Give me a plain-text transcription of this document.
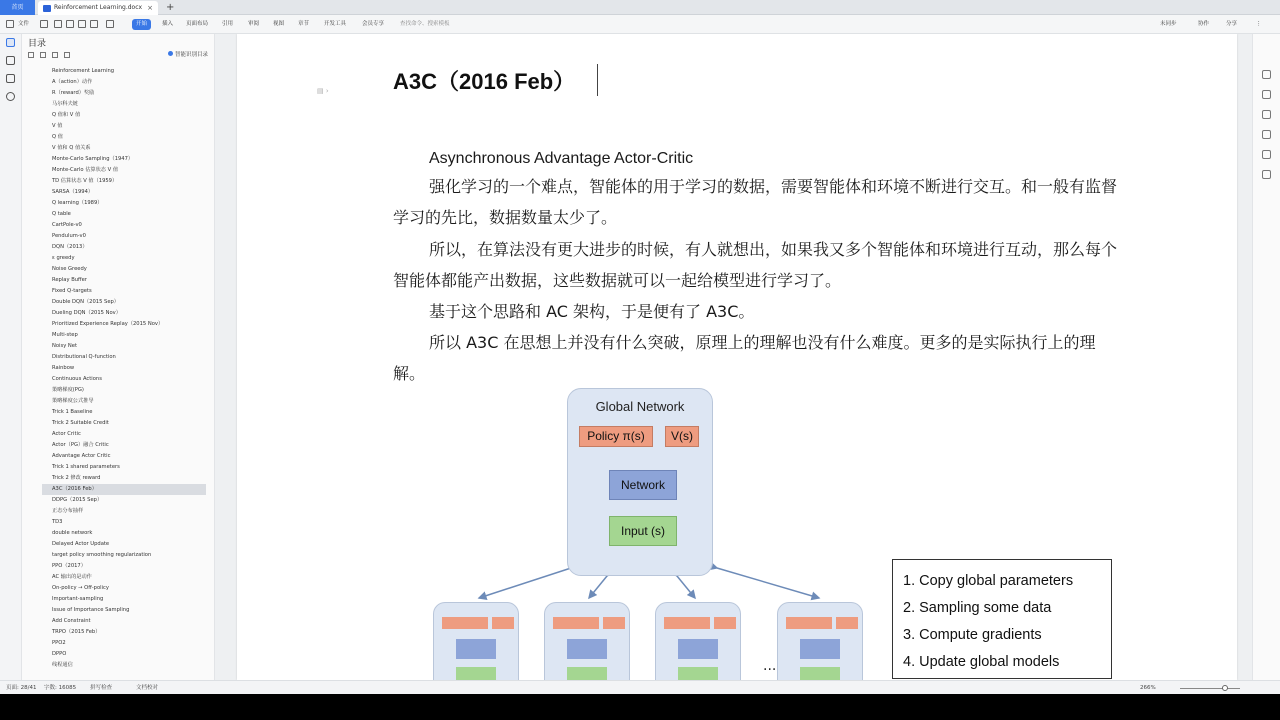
首页	Reinforcement Learning.docx × +
文件	开始	插入 页面布局	引用	审阅	视图	章节	开发工具	会员专享	查找命令、搜索模板	未同步	协作	分享	⋮
目录
智能识别目录
Reinforcement Learning
A（action）动作
R（reward）奖励
马尔科夫链
Q 值和 V 值
V 值
Q 值
V 值和 Q 值关系
Monte-Carlo Sampling（1947）
Monte-Carlo 估算状态 V 值
TD 估算状态 V 值（1959）
SARSA（1994）
Q learning（1989）
Q table
CartPole-v0
Pendulum-v0
DQN（2013）
ε greedy
Noise Greedy
Replay Buffer
Fixed Q-targets
Double DQN（2015 Sep）
Dueling DQN（2015 Nov）
Prioritized Experience Replay（2015 Nov）
Multi-step
Noisy Net
Distributional Q-function
Rainbow
Continuous Actions
策略梯度(PG)
策略梯度公式推导
Trick 1 Baseline
Trick 2 Suitable Credit
Actor Critic
Actor（PG）融合 Critic
Advantage Actor Critic
Trick 1 shared parameters
Trick 2 修改 reward
A3C（2016 Feb）
DDPG（2015 Sep）
正态分布抽样
TD3
double network
Delayed Actor Update
target policy smoothing regularization
PPO（2017）
AC 输出的是动作
On-policy → Off-policy
Important-sampling
Issue of Importance Sampling
Add Constraint
TRPO（2015 Feb）
PPO2
DPPO
线程通信
▤ ›	A3C（2016 Feb）
Asynchronous Advantage Actor-Critic
强化学习的一个难点，智能体的用于学习的数据，需要智能体和环境不断进行交互。和一般有监督学习的先比，数据数量太少了。
所以，在算法没有更大进步的时候，有人就想出，如果我又多个智能体和环境进行互动，那么每个智能体都能产出数据，这些数据就可以一起给模型进行学习了。
基于这个思路和 AC 架构，于是便有了 A3C。
所以 A3C 在思想上并没有什么突破，原理上的理解也没有什么难度。更多的是实际执行上的理解。
Global Network
Policy π(s)	V(s)
Network
Input (s)
...
1. Copy global parameters
2. Sampling some data
3. Compute gradients
4. Update global models
页面: 28/41 字数: 16085	拼写检查	文档校对	266%
